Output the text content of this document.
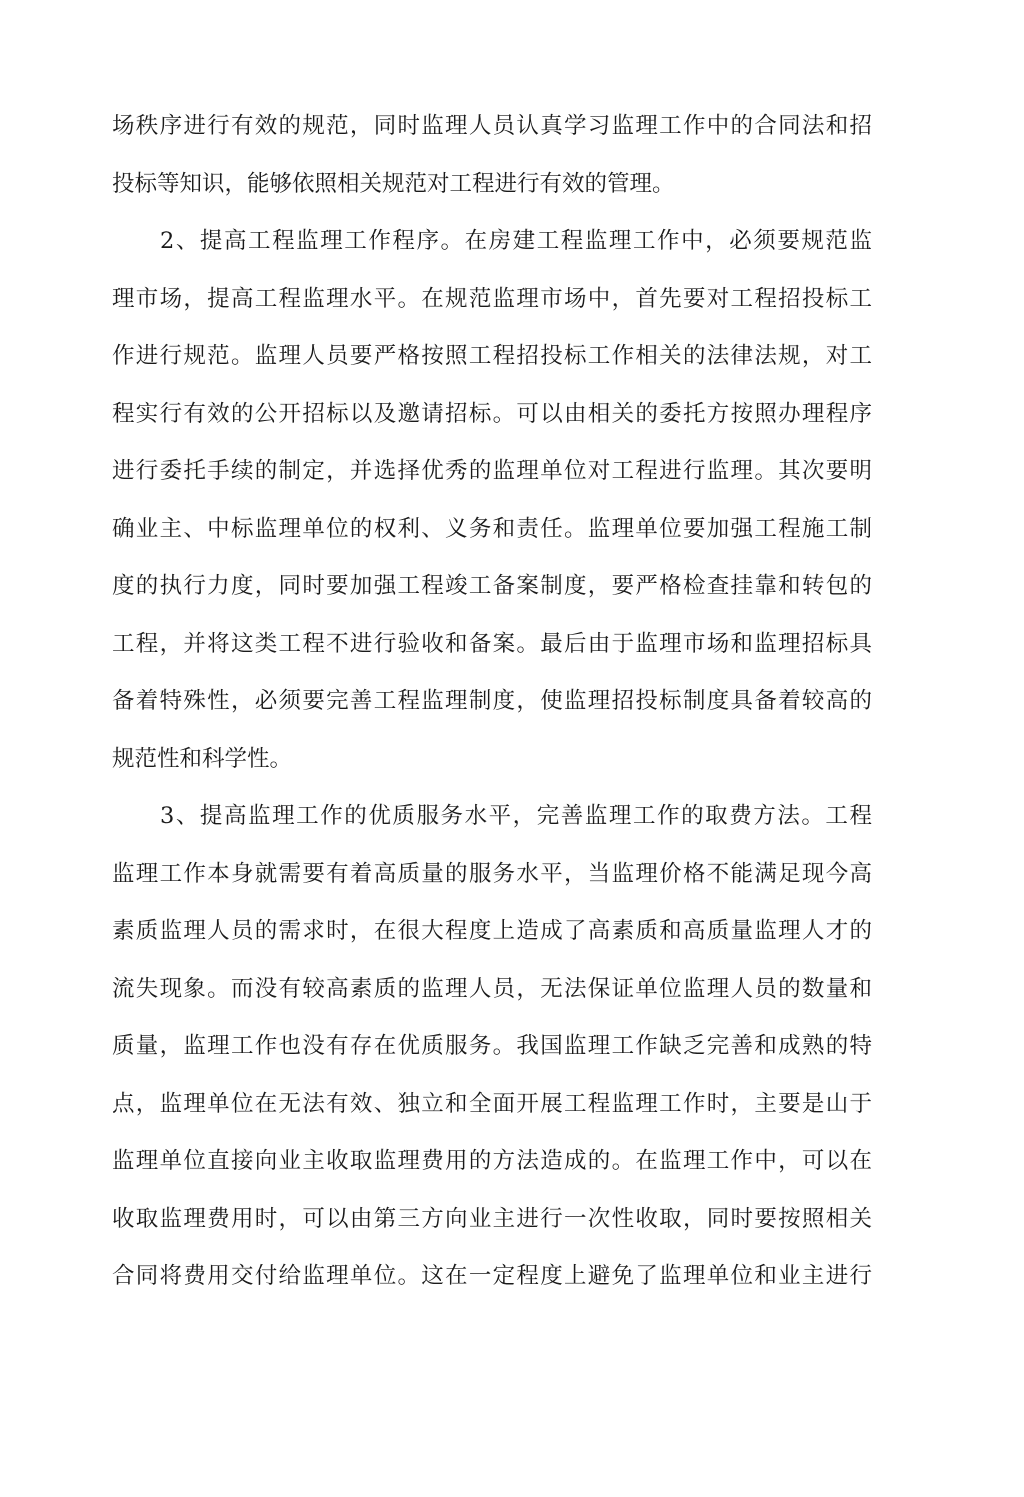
场秩序进行有效的规范，同时监理人员认真学习监理工作中的合同法和招
投标等知识，能够依照相关规范对工程进行有效的管理。
2、提高工程监理工作程序。在房建工程监理工作中，必须要规范监
理市场，提高工程监理水平。在规范监理市场中，首先要对工程招投标工
作进行规范。监理人员要严格按照工程招投标工作相关的法律法规，对工
程实行有效的公开招标以及邀请招标。可以由相关的委托方按照办理程序
进行委托手续的制定，并选择优秀的监理单位对工程进行监理。其次要明
确业主、中标监理单位的权利、义务和责任。监理单位要加强工程施工制
度的执行力度，同时要加强工程竣工备案制度，要严格检查挂靠和转包的
工程，并将这类工程不进行验收和备案。最后由于监理市场和监理招标具
备着特殊性，必须要完善工程监理制度，使监理招投标制度具备着较高的
规范性和科学性。
3、提高监理工作的优质服务水平，完善监理工作的取费方法。工程
监理工作本身就需要有着高质量的服务水平，当监理价格不能满足现今高
素质监理人员的需求时，在很大程度上造成了高素质和高质量监理人才的
流失现象。而没有较高素质的监理人员，无法保证单位监理人员的数量和
质量，监理工作也没有存在优质服务。我国监理工作缺乏完善和成熟的特
点，监理单位在无法有效、独立和全面开展工程监理工作时，主要是山于
监理单位直接向业主收取监理费用的方法造成的。在监理工作中，可以在
收取监理费用时，可以由第三方向业主进行一次性收取，同时要按照相关
合同将费用交付给监理单位。这在一定程度上避免了监理单位和业主进行
